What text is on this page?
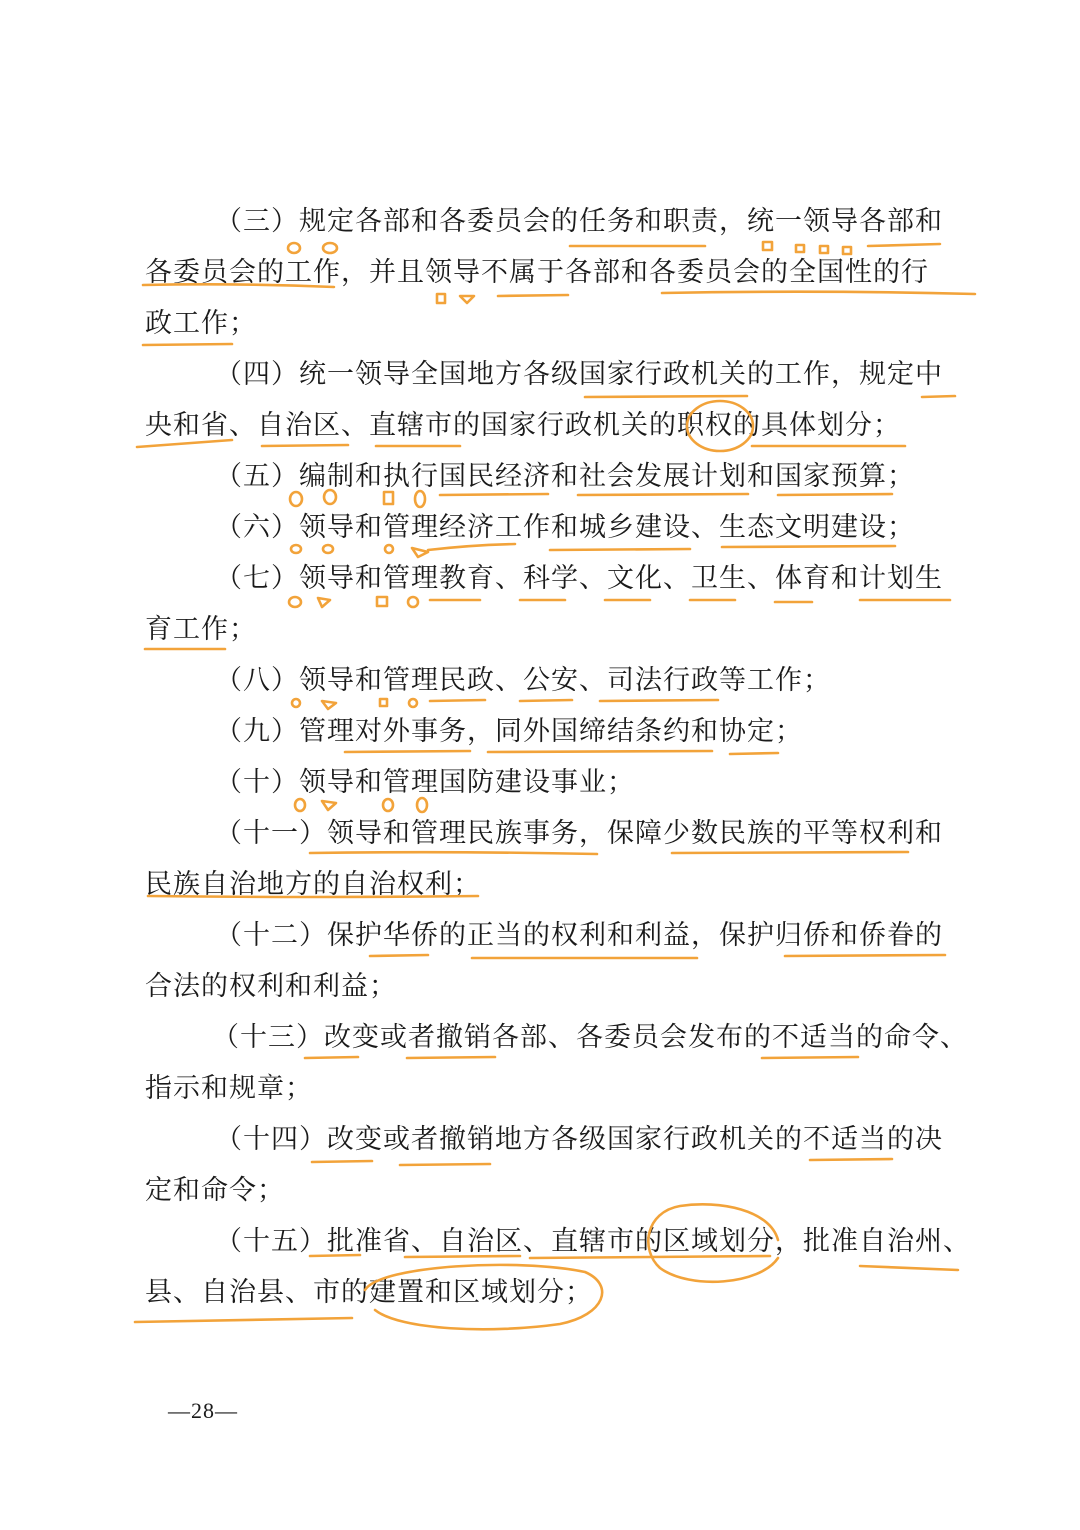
（三）规定各部和各委员会的任务和职责，统一领导各部和
各委员会的工作，并且领导不属于各部和各委员会的全国性的行
政工作；
（四）统一领导全国地方各级国家行政机关的工作，规定中
央和省、自治区、直辖市的国家行政机关的职权的具体划分；
（五）编制和执行国民经济和社会发展计划和国家预算；
（六）领导和管理经济工作和城乡建设、生态文明建设；
（七）领导和管理教育、科学、文化、卫生、体育和计划生
育工作；
（八）领导和管理民政、公安、司法行政等工作；
（九）管理对外事务，同外国缔结条约和协定；
（十）领导和管理国防建设事业；
（十一）领导和管理民族事务，保障少数民族的平等权利和
民族自治地方的自治权利；
（十二）保护华侨的正当的权利和利益，保护归侨和侨眷的
合法的权利和利益；
（十三）改变或者撤销各部、各委员会发布的不适当的命令、
指示和规章；
（十四）改变或者撤销地方各级国家行政机关的不适当的决
定和命令；
（十五）批准省、自治区、直辖市的区域划分，批准自治州、
县、自治县、市的建置和区域划分；
—28—
